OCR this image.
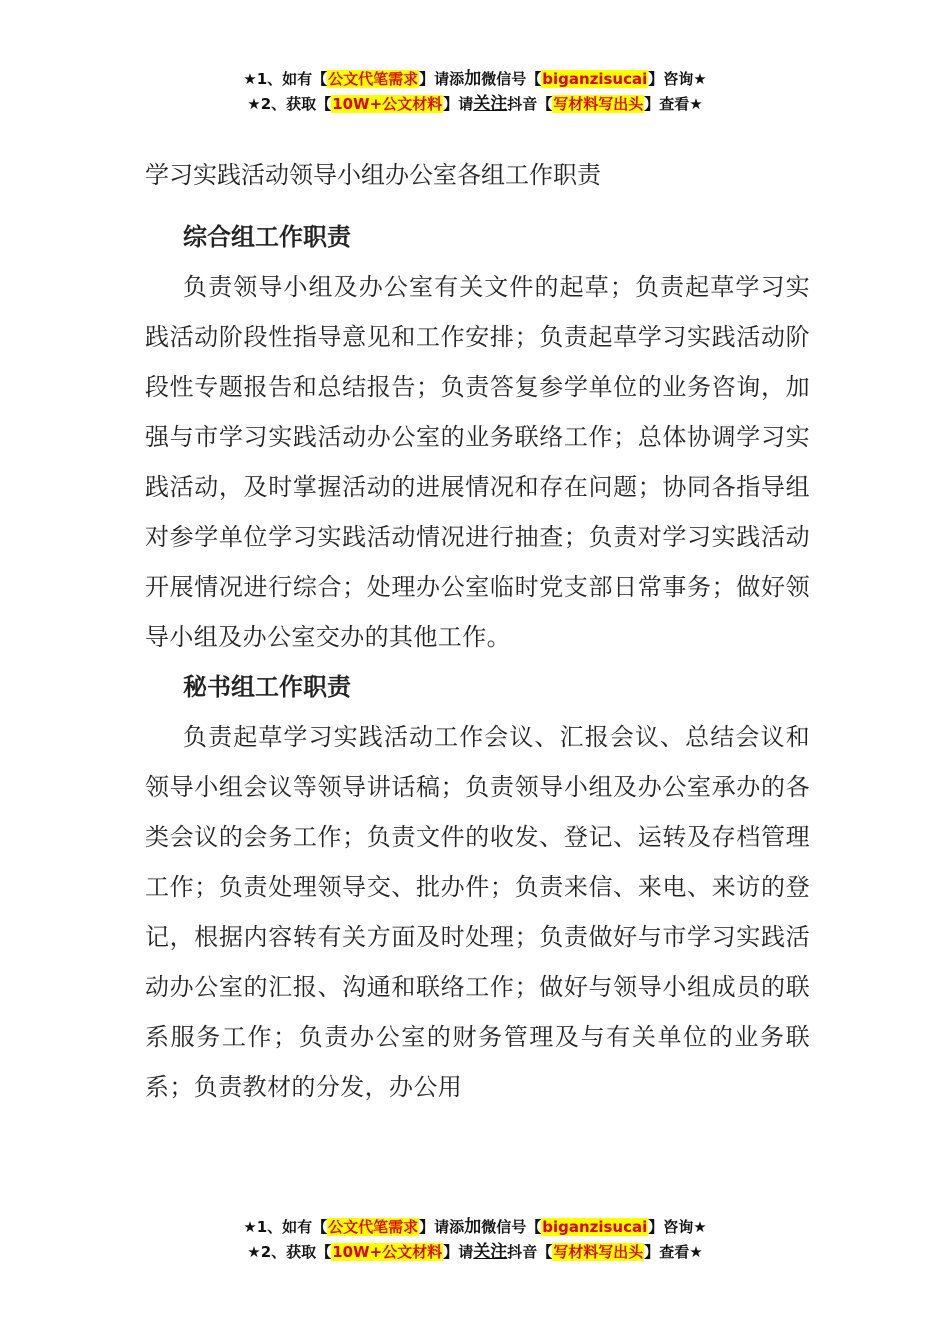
★1、如有【公文代笔需求】请添加微信号【biganzisucai】咨询★
★2、获取【10W+公文材料】请关注抖音【写材料写出头】查看★
学习实践活动领导小组办公室各组工作职责
综合组工作职责
负责领导小组及办公室有关文件的起草；负责起草学习实践活动阶段性指导意见和工作安排；负责起草学习实践活动阶段性专题报告和总结报告；负责答复参学单位的业务咨询，加强与市学习实践活动办公室的业务联络工作；总体协调学习实践活动，及时掌握活动的进展情况和存在问题；协同各指导组对参学单位学习实践活动情况进行抽查；负责对学习实践活动开展情况进行综合；处理办公室临时党支部日常事务；做好领导小组及办公室交办的其他工作。
秘书组工作职责
负责起草学习实践活动工作会议、汇报会议、总结会议和领导小组会议等领导讲话稿；负责领导小组及办公室承办的各类会议的会务工作；负责文件的收发、登记、运转及存档管理工作；负责处理领导交、批办件；负责来信、来电、来访的登记，根据内容转有关方面及时处理；负责做好与市学习实践活动办公室的汇报、沟通和联络工作；做好与领导小组成员的联系服务工作；负责办公室的财务管理及与有关单位的业务联系；负责教材的分发，办公用
★1、如有【公文代笔需求】请添加微信号【biganzisucai】咨询★
★2、获取【10W+公文材料】请关注抖音【写材料写出头】查看★
